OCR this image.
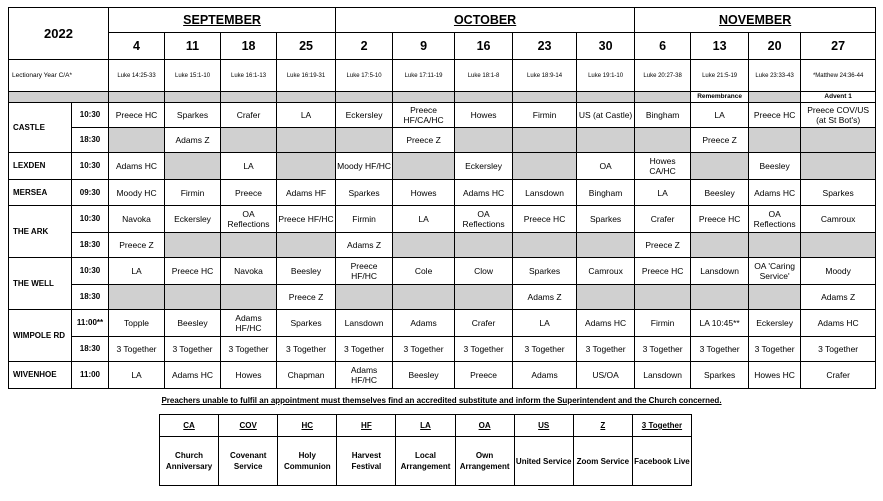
2022		SEPTEMBER				OCTOBER					NOVEMBER			
		4	11	18	25	2	9	16	23	30	6	13	20	27
Lectionary Year C/A*		Luke 14:25-33	Luke 15:1-10	Luke 16:1-13	Luke 16:19-31	Luke 17:5-10	Luke 17:11-19	Luke 18:1-8	Luke 18:9-14	Luke 19:1-10	Luke 20:27-38	Luke 21:5-19	Luke 23:33-43	*Matthew 24:36-44
												Remembrance		Advent 1
CASTLE	10:30	Preece HC	Sparkes	Crafer	LA	Eckersley	Preece HF/CA/HC	Howes	Firmin	US (at Castle)	Bingham	LA	Preece HC	Preece COV/US (at St Bot's)
	18:30		Adams Z				Preece Z					Preece Z		
LEXDEN	10:30	Adams HC		LA		Moody HF/HC		Eckersley		OA	Howes CA/HC		Beesley	
MERSEA	09:30	Moody HC	Firmin	Preece	Adams HF	Sparkes	Howes	Adams HC	Lansdown	Bingham	LA	Beesley	Adams HC	Sparkes
THE ARK	10:30	Navoka	Eckersley	OA Reflections	Preece HF/HC	Firmin	LA	OA Reflections	Preece HC	Sparkes	Crafer	Preece HC	OA Reflections	Camroux
	18:30	Preece Z				Adams Z					Preece Z			
THE WELL	10:30	LA	Preece HC	Navoka	Beesley	Preece HF/HC	Cole	Clow	Sparkes	Camroux	Preece HC	Lansdown	OA 'Caring Service'	Moody
	18:30				Preece Z				Adams Z					Adams Z
WIMPOLE RD	11:00**	Topple	Beesley	Adams HF/HC	Sparkes	Lansdown	Adams	Crafer	LA	Adams HC	Firmin	LA 10:45**	Eckersley	Adams HC
	18:30	3 Together	3 Together	3 Together	3 Together	3 Together	3 Together	3 Together	3 Together	3 Together	3 Together	3 Together	3 Together	3 Together
WIVENHOE	11:00	LA	Adams HC	Howes	Chapman	Adams HF/HC	Beesley	Preece	Adams	US/OA	Lansdown	Sparkes	Howes HC	Crafer
Preachers unable to fulfil an appointment must themselves find an accredited substitute and inform the Superintendent and the Church concerned.
CA	COV	HC	HF	LA	OA	US	Z	3 Together
Church Anniversary	Covenant Service	Holy Communion	Harvest Festival	Local Arrangement	Own Arrangement	United Service	Zoom Service	Facebook Live
